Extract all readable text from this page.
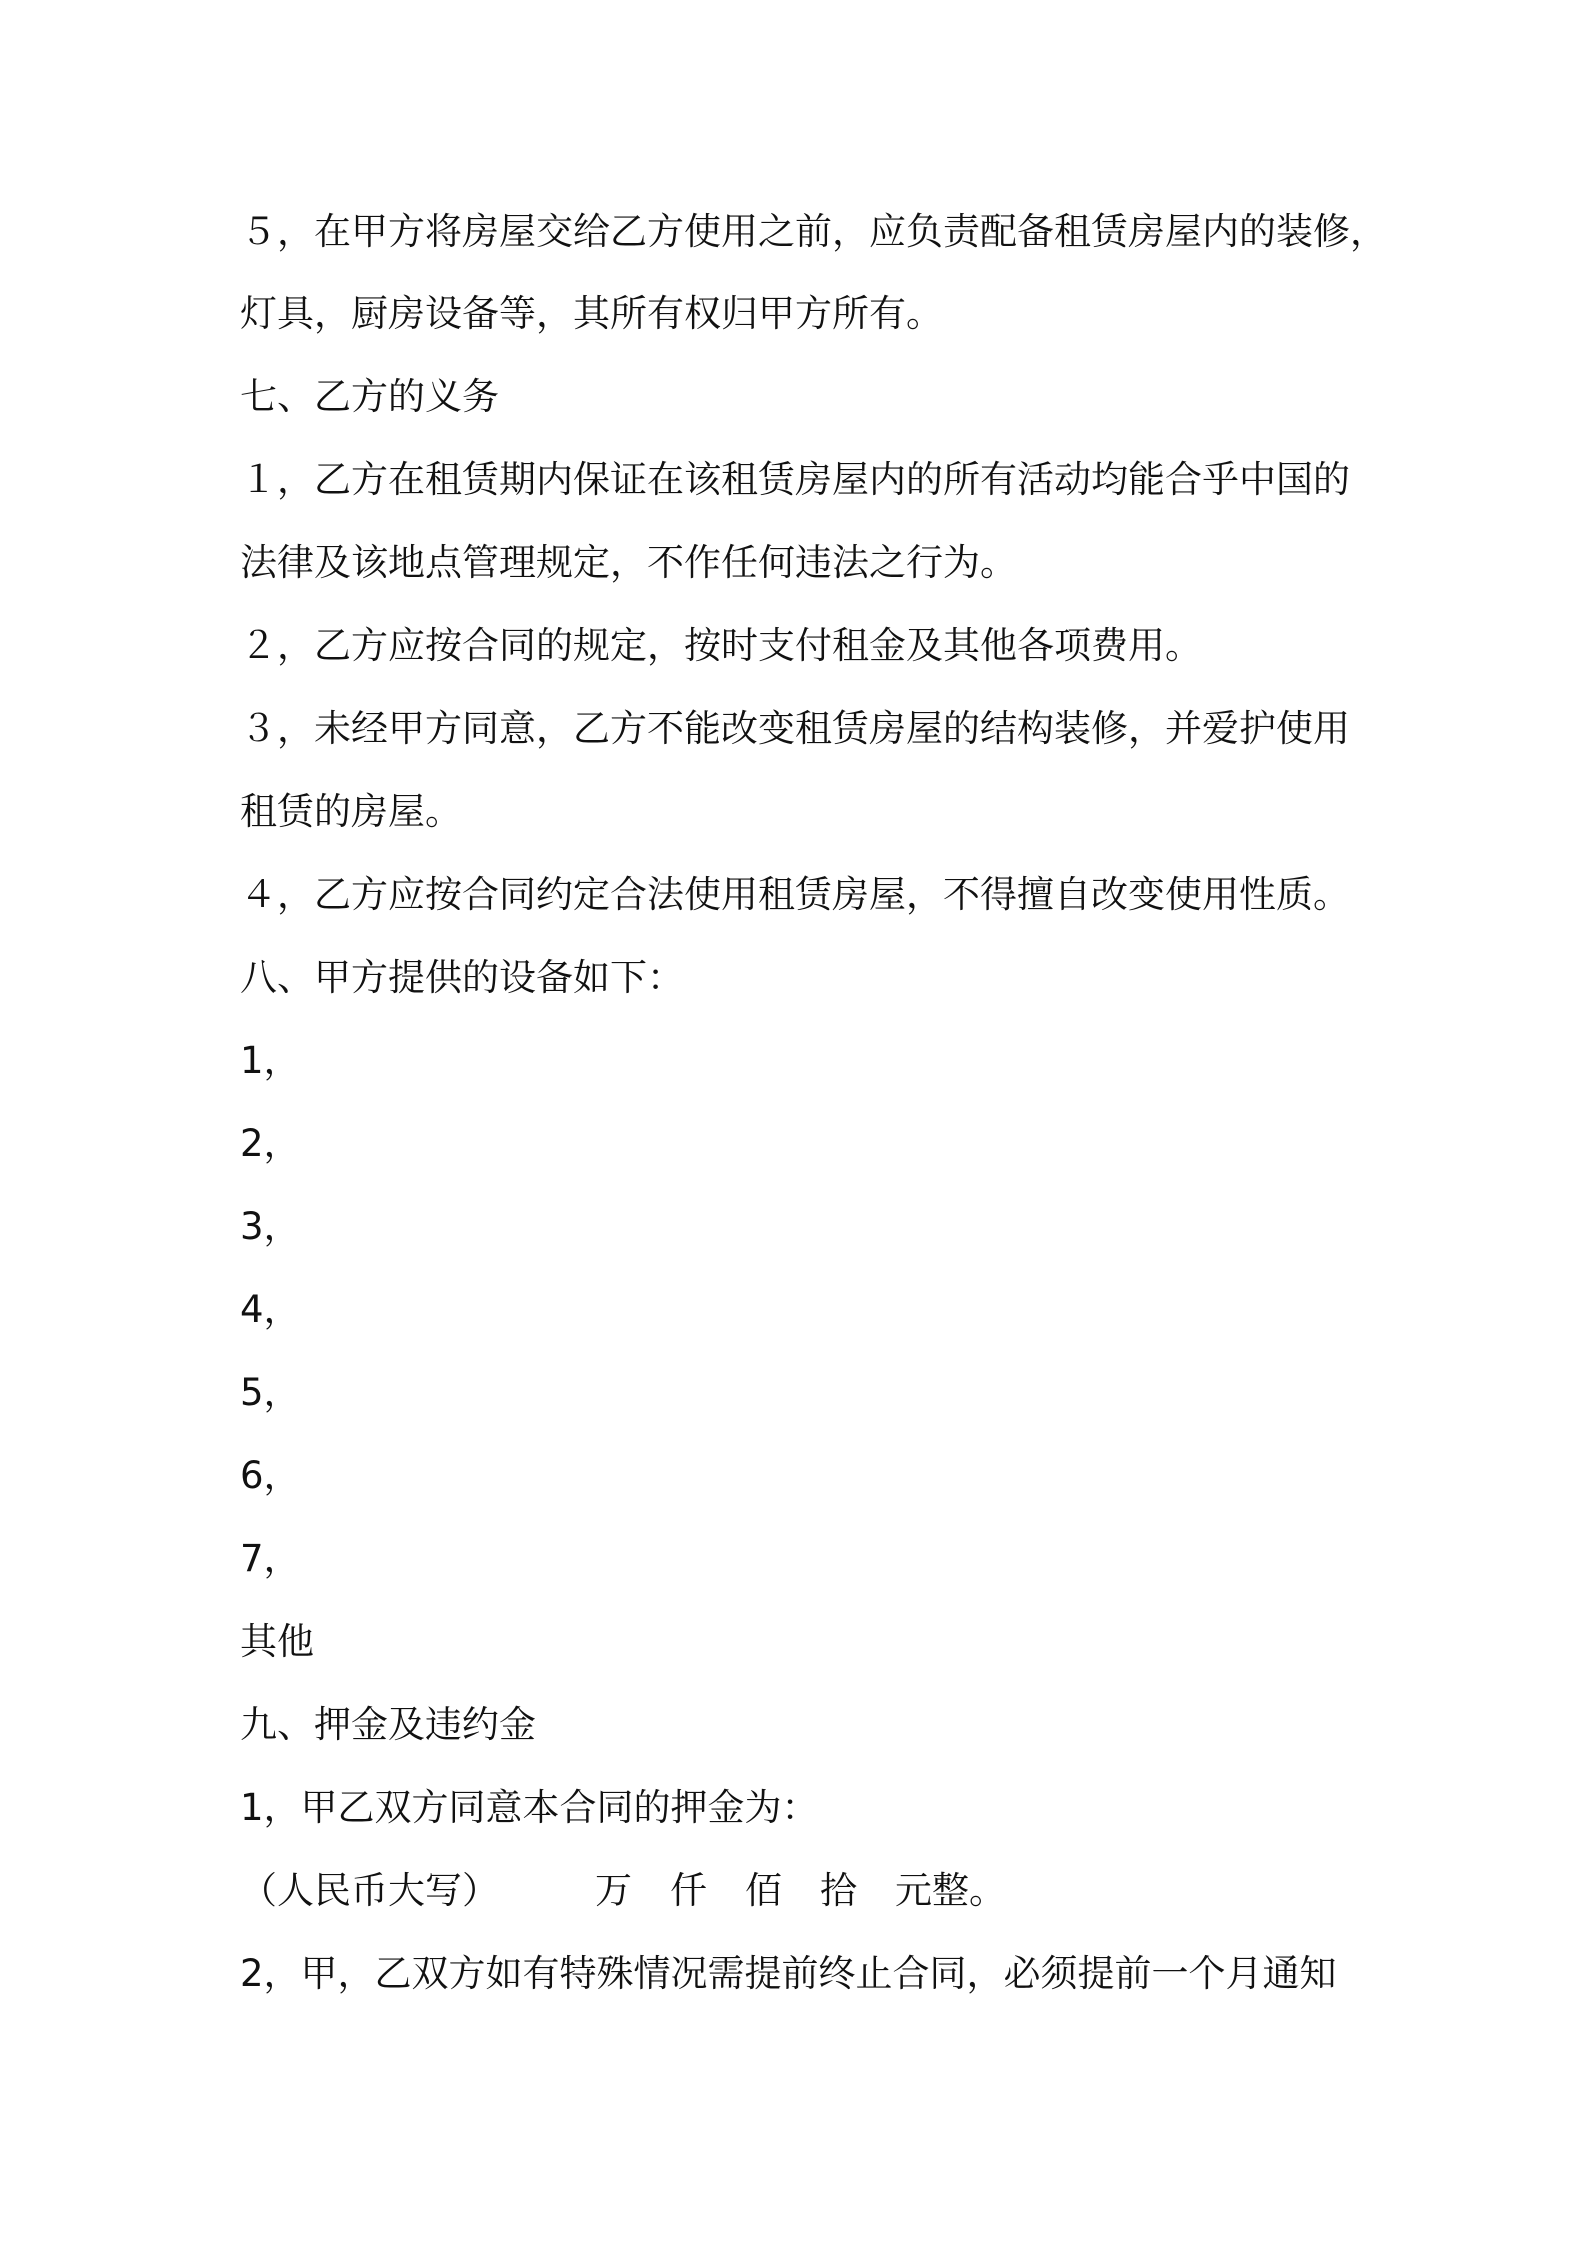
５，在甲方将房屋交给乙方使用之前，应负责配备租赁房屋内的装修，

灯具，厨房设备等，其所有权归甲方所有。

七、乙方的义务

１，乙方在租赁期内保证在该租赁房屋内的所有活动均能合乎中国的

法律及该地点管理规定，不作任何违法之行为。

２，乙方应按合同的规定，按时支付租金及其他各项费用。

３，未经甲方同意，乙方不能改变租赁房屋的结构装修，并爱护使用

租赁的房屋。

４，乙方应按合同约定合法使用租赁房屋，不得擅自改变使用性质。

八、甲方提供的设备如下：

1，

2，

3，

4，

5，

6，

7，

其他

九、押金及违约金

1，甲乙双方同意本合同的押金为：

（人民币大写）	万 仟 佰 拾 元整。

2，甲，乙双方如有特殊情况需提前终止合同，必须提前一个月通知
